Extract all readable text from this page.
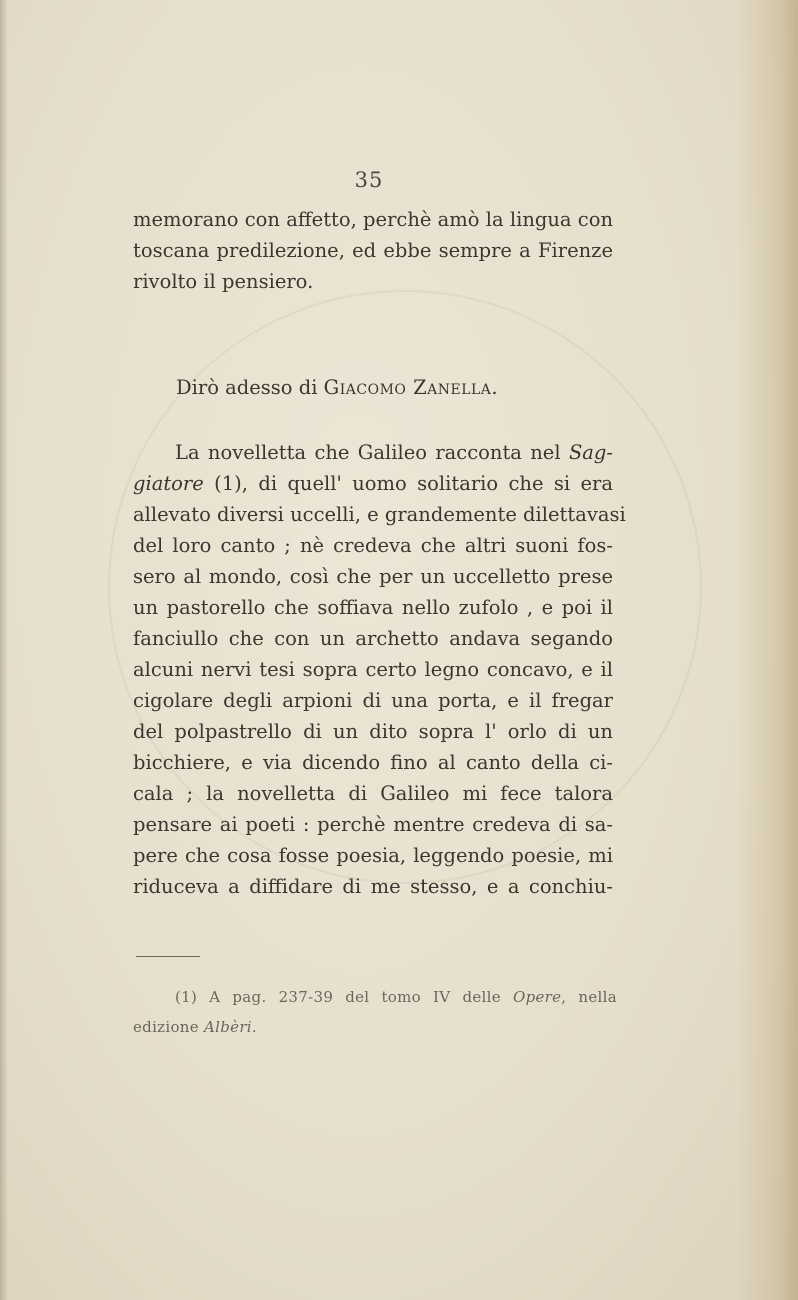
35
memorano con affetto, perchè amò la lingua con
toscana predilezione, ed ebbe sempre a Firenze
rivolto il pensiero.
Dirò adesso di Giacomo Zanella.
La novelletta che Galileo racconta nel Sag-
giatore (1), di quell' uomo solitario che si era
allevato diversi uccelli, e grandemente dilettavasi
del loro canto ; nè credeva che altri suoni fos-
sero al mondo, così che per un uccelletto prese
un pastorello che soffiava nello zufolo , e poi il
fanciullo che con un archetto andava segando
alcuni nervi tesi sopra certo legno concavo, e il
cigolare degli arpioni di una porta, e il fregar
del polpastrello di un dito sopra l' orlo di un
bicchiere, e via dicendo fino al canto della ci-
cala ; la novelletta di Galileo mi fece talora
pensare ai poeti : perchè mentre credeva di sa-
pere che cosa fosse poesia, leggendo poesie, mi
riduceva a diffidare di me stesso, e a conchiu-
(1) A pag. 237-39 del tomo IV delle Opere, nella
edizione Albèri.
